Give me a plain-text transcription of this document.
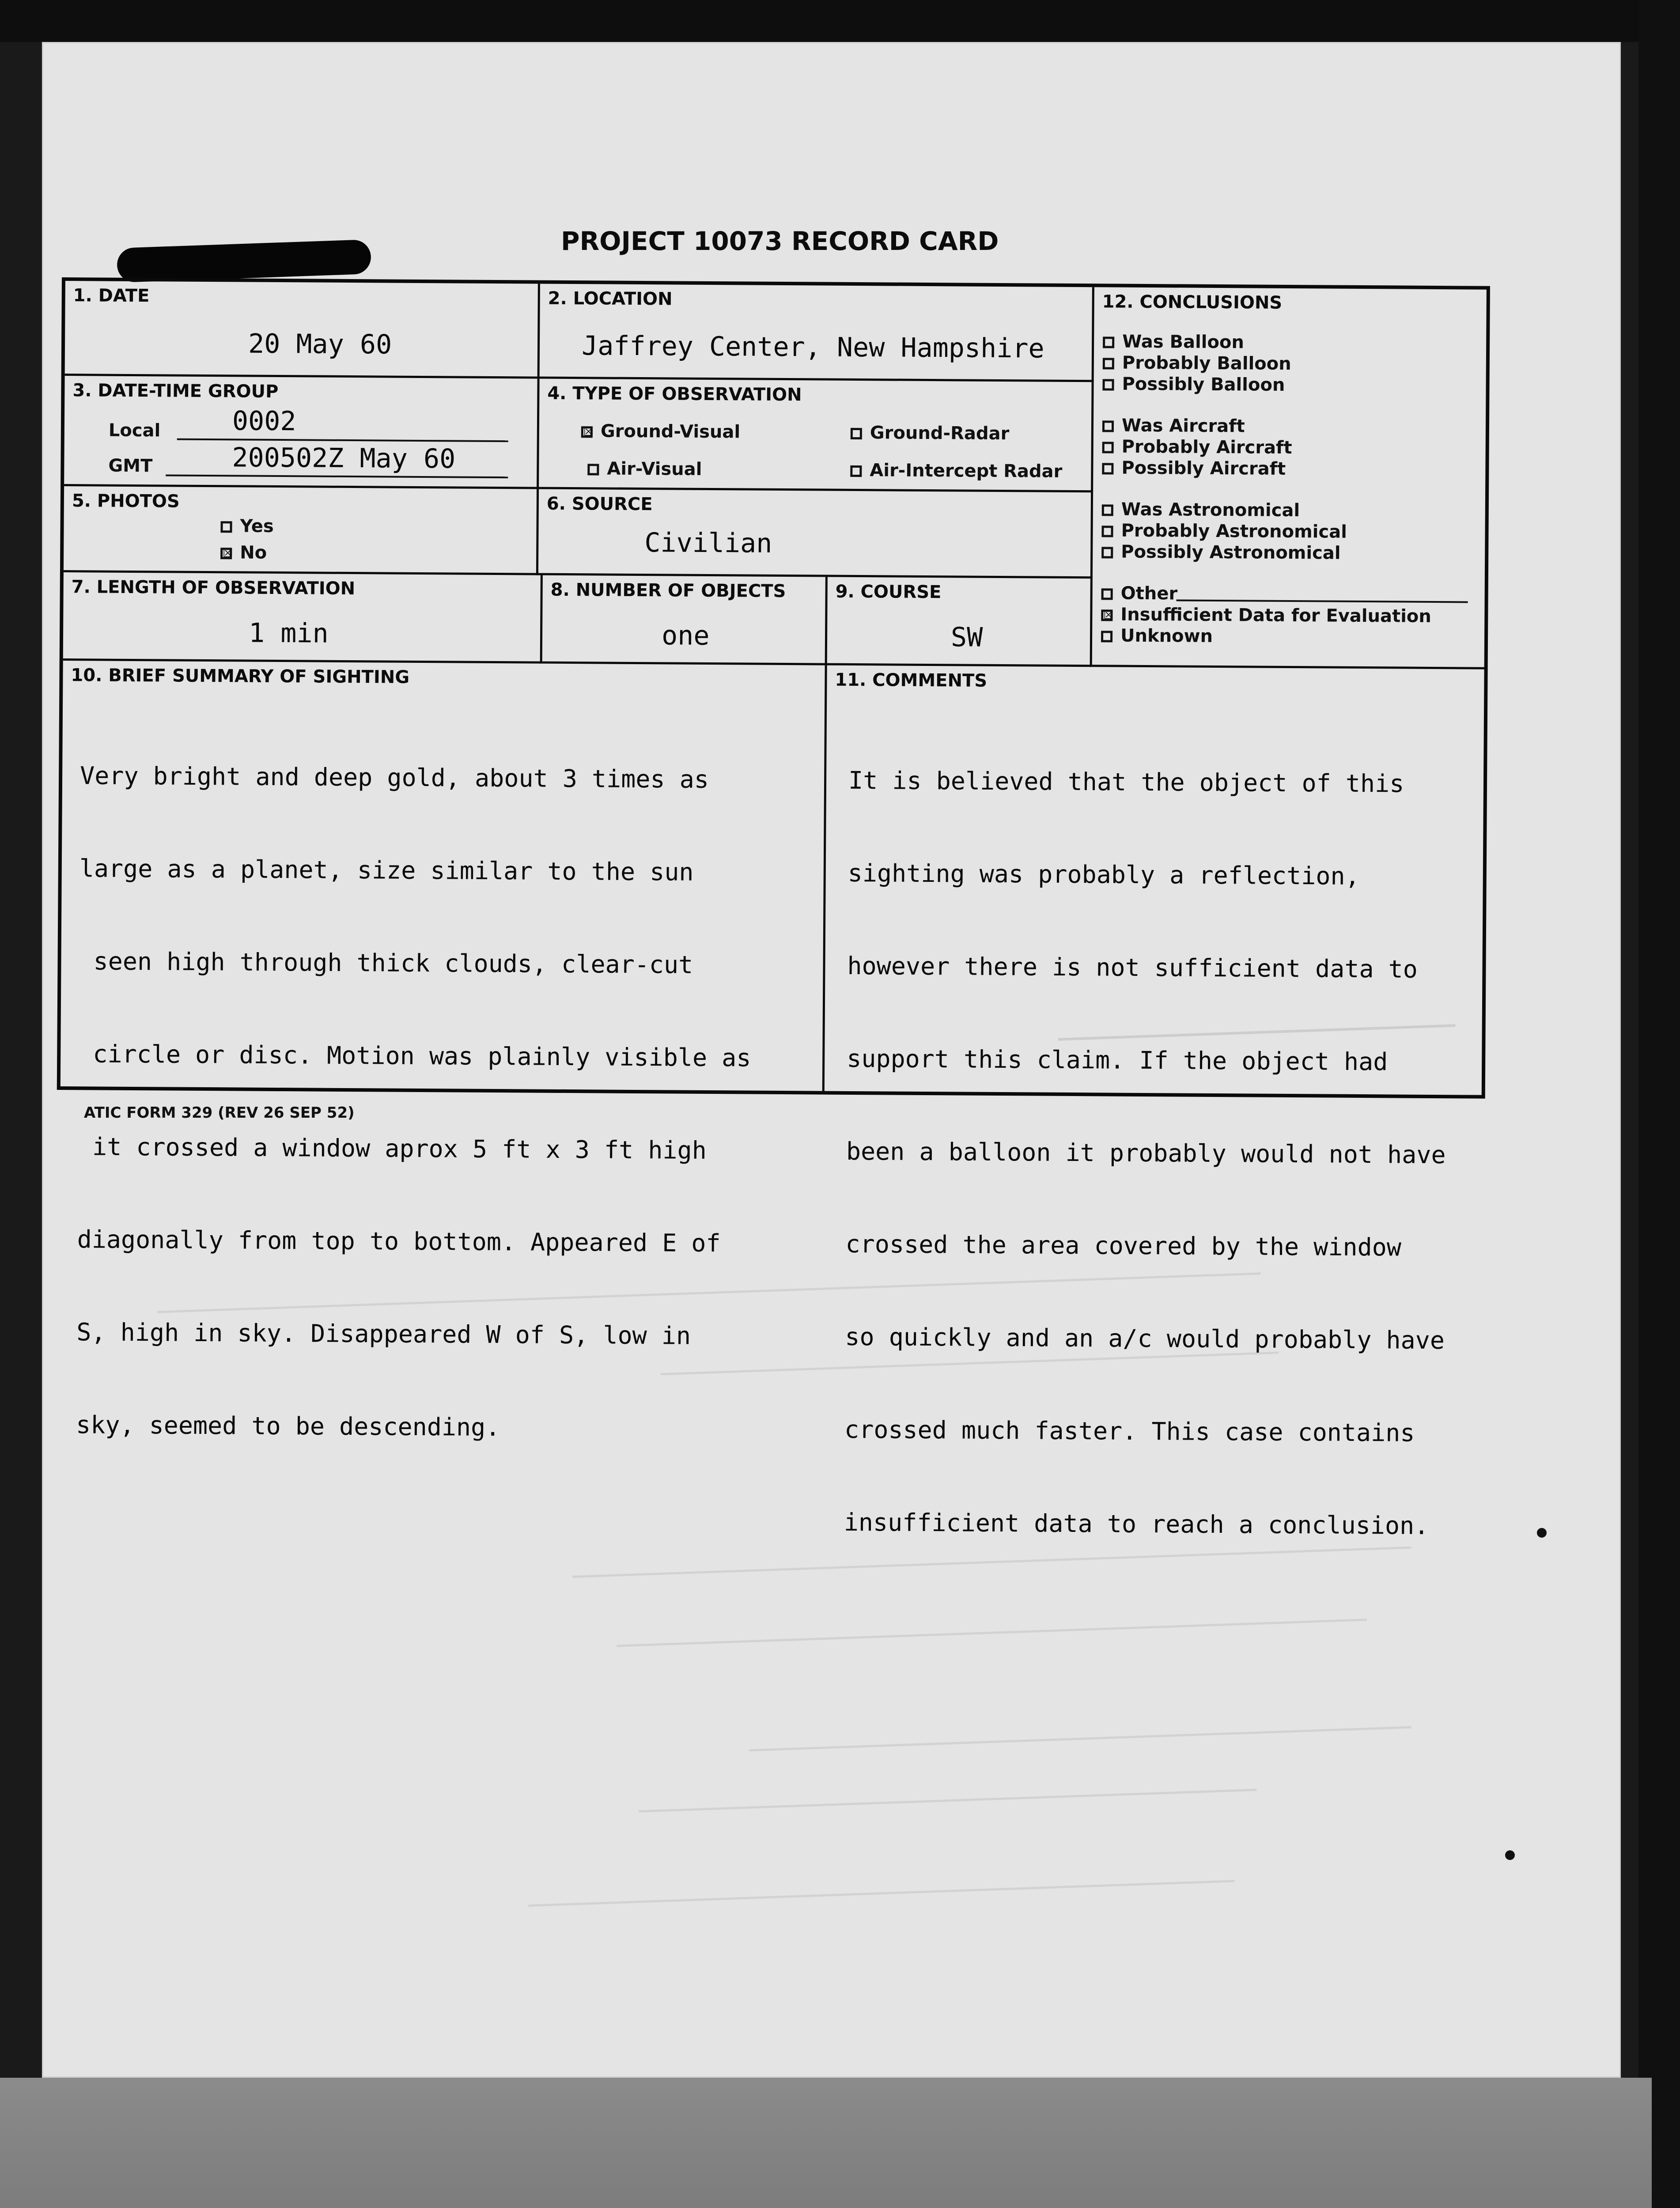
PROJECT 10073 RECORD CARD
1. DATE
20 May 60
2. LOCATION
Jaffrey Center, New Hampshire
3. DATE-TIME GROUP
Local	0002
GMT	200502Z May 60
4. TYPE OF OBSERVATION
☒ Ground-Visual	Ground-Radar
Air-Visual	Air-Intercept Radar
5. PHOTOS
Yes
☒ No
6. SOURCE
Civilian
7. LENGTH OF OBSERVATION
1 min
8. NUMBER OF OBJECTS
one
9. COURSE
SW
12. CONCLUSIONS
Was Balloon
Probably Balloon
Possibly Balloon
Was Aircraft
Probably Aircraft
Possibly Aircraft
Was Astronomical
Probably Astronomical
Possibly Astronomical
Other
☒ Insufficient Data for Evaluation
Unknown
10. BRIEF SUMMARY OF SIGHTING

Very bright and deep gold, about 3 times as

large as a planet, size similar to the sun

seen high through thick clouds, clear-cut

circle or disc. Motion was plainly visible as

it crossed a window aprox 5 ft x 3 ft high

diagonally from top to bottom. Appeared E of

S, high in sky. Disappeared W of S, low in

sky, seemed to be descending.

11. COMMENTS

It is believed that the object of this

sighting was probably a reflection,

however there is not sufficient data to

support this claim. If the object had

been a balloon it probably would not have

crossed the area covered by the window

so quickly and an a/c would probably have

crossed much faster. This case contains

insufficient data to reach a conclusion.

ATIC FORM 329 (REV 26 SEP 52)
